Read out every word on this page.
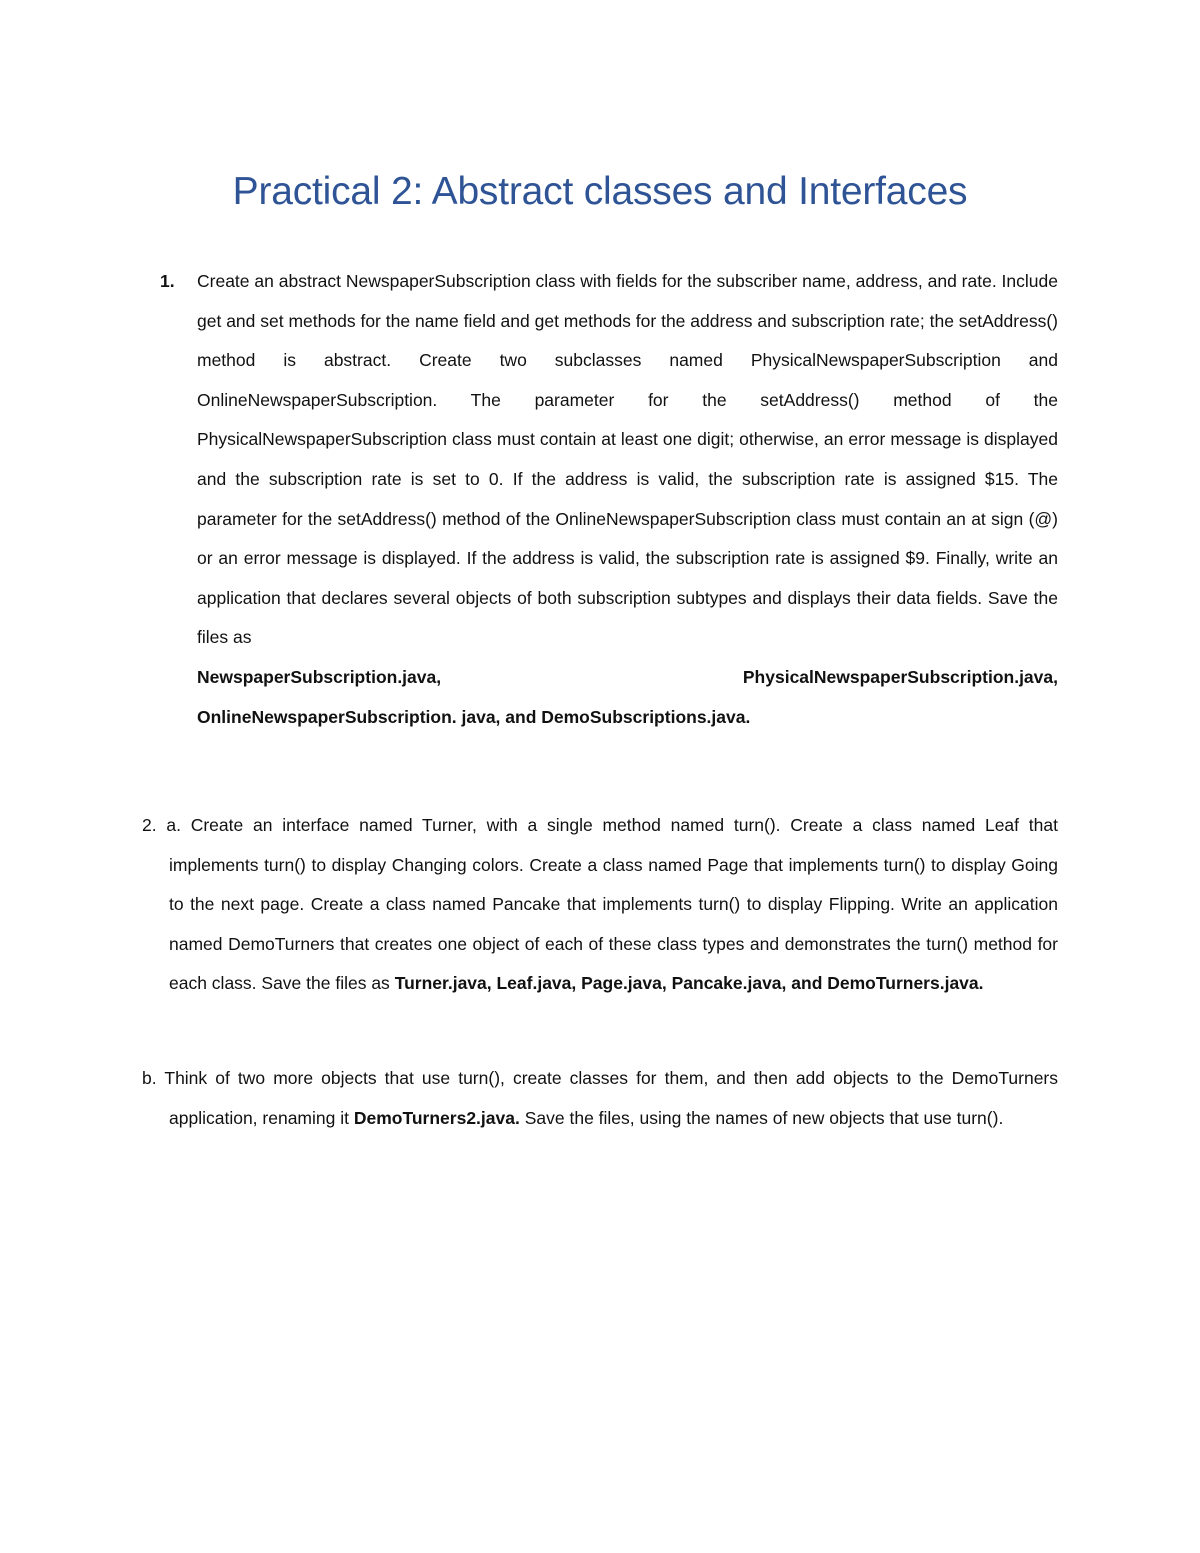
Practical 2: Abstract classes and Interfaces
1. Create an abstract NewspaperSubscription class with fields for the subscriber name, address, and rate. Include get and set methods for the name field and get methods for the address and subscription rate; the setAddress() method is abstract. Create two subclasses named PhysicalNewspaperSubscription and OnlineNewspaperSubscription. The parameter for the setAddress() method of the PhysicalNewspaperSubscription class must contain at least one digit; otherwise, an error message is displayed and the subscription rate is set to 0. If the address is valid, the subscription rate is assigned $15. The parameter for the setAddress() method of the OnlineNewspaperSubscription class must contain an at sign (@) or an error message is displayed. If the address is valid, the subscription rate is assigned $9. Finally, write an application that declares several objects of both subscription subtypes and displays their data fields. Save the files as

NewspaperSubscription.java,	PhysicalNewspaperSubscription.java,
OnlineNewspaperSubscription. java, and DemoSubscriptions.java.

2. a. Create an interface named Turner, with a single method named turn(). Create a class named Leaf that implements turn() to display Changing colors. Create a class named Page that implements turn() to display Going to the next page. Create a class named Pancake that implements turn() to display Flipping. Write an application named DemoTurners that creates one object of each of these class types and demonstrates the turn() method for each class. Save the files as Turner.java, Leaf.java, Page.java, Pancake.java, and DemoTurners.java.

b. Think of two more objects that use turn(), create classes for them, and then add objects to the DemoTurners application, renaming it DemoTurners2.java. Save the files, using the names of new objects that use turn().
